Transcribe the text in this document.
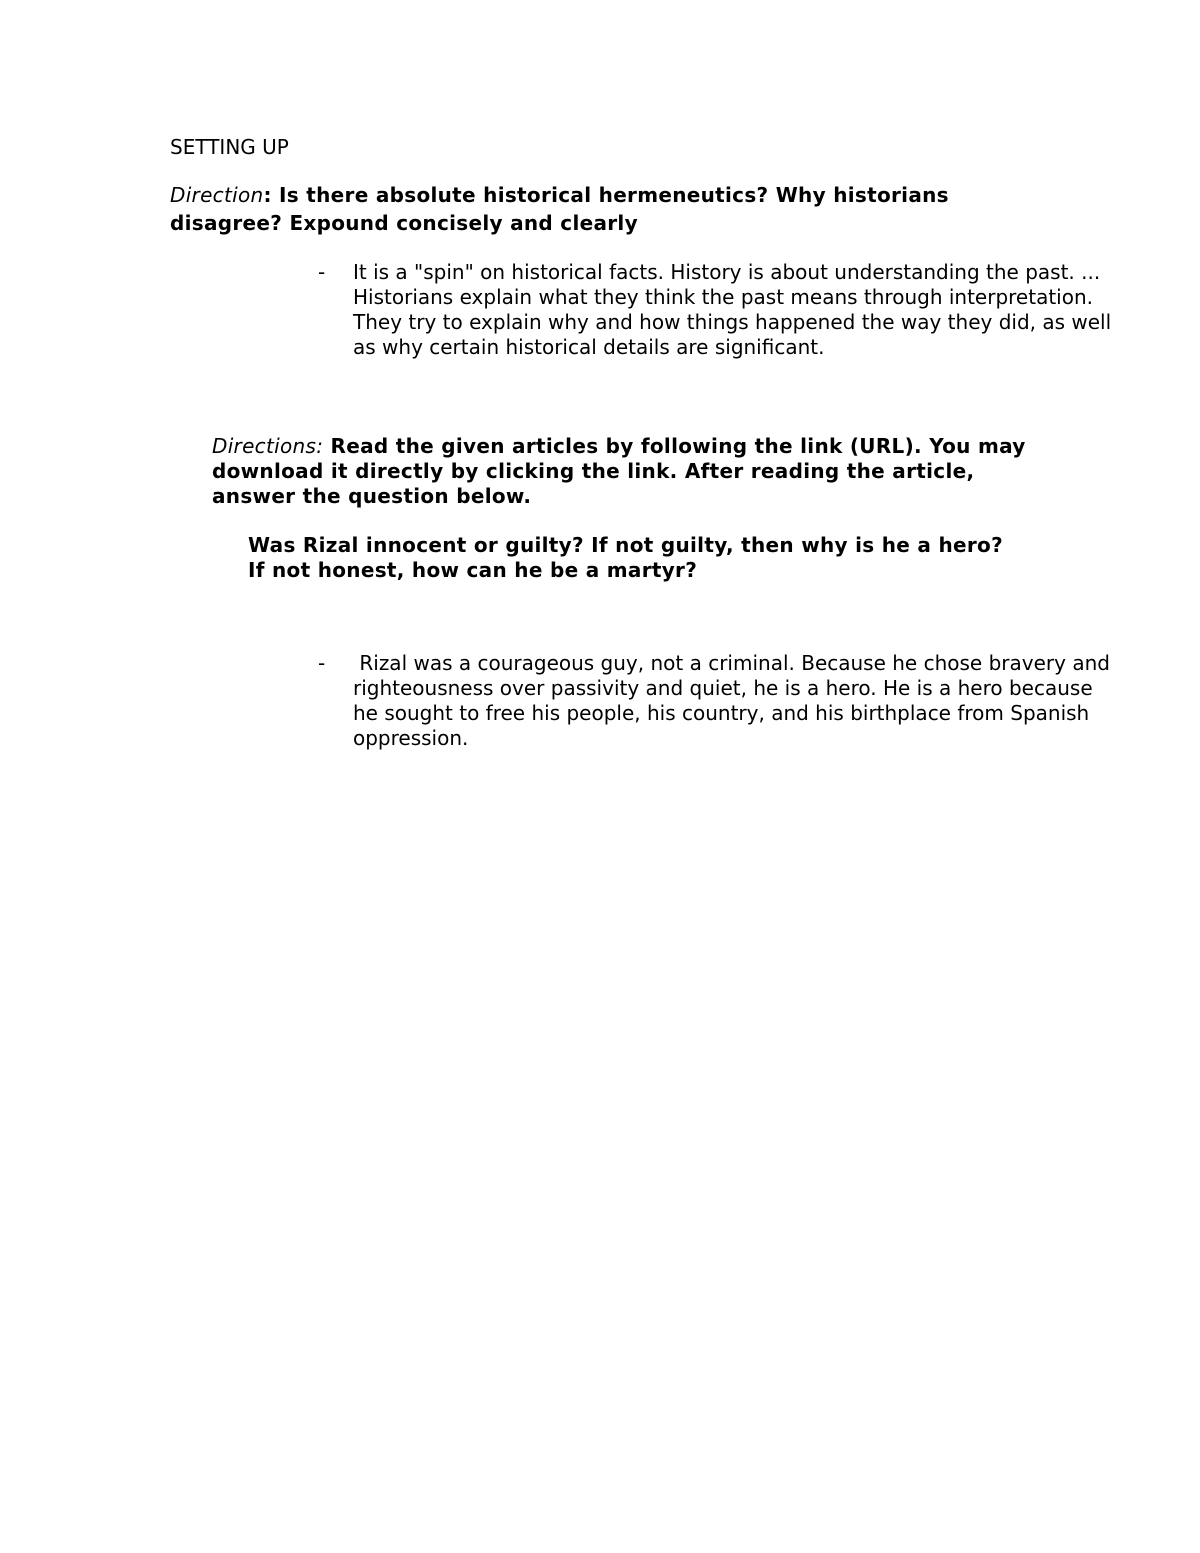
SETTING UP

Direction: Is there absolute historical hermeneutics? Why historians disagree? Expound concisely and clearly

- It is a "spin" on historical facts. History is about understanding the past. ... Historians explain what they think the past means through interpretation. They try to explain why and how things happened the way they did, as well as why certain historical details are significant.

Directions: Read the given articles by following the link (URL). You may download it directly by clicking the link. After reading the article, answer the question below.

Was Rizal innocent or guilty? If not guilty, then why is he a hero?
If not honest, how can he be a martyr?

- Rizal was a courageous guy, not a criminal. Because he chose bravery and righteousness over passivity and quiet, he is a hero. He is a hero because he sought to free his people, his country, and his birthplace from Spanish oppression.
